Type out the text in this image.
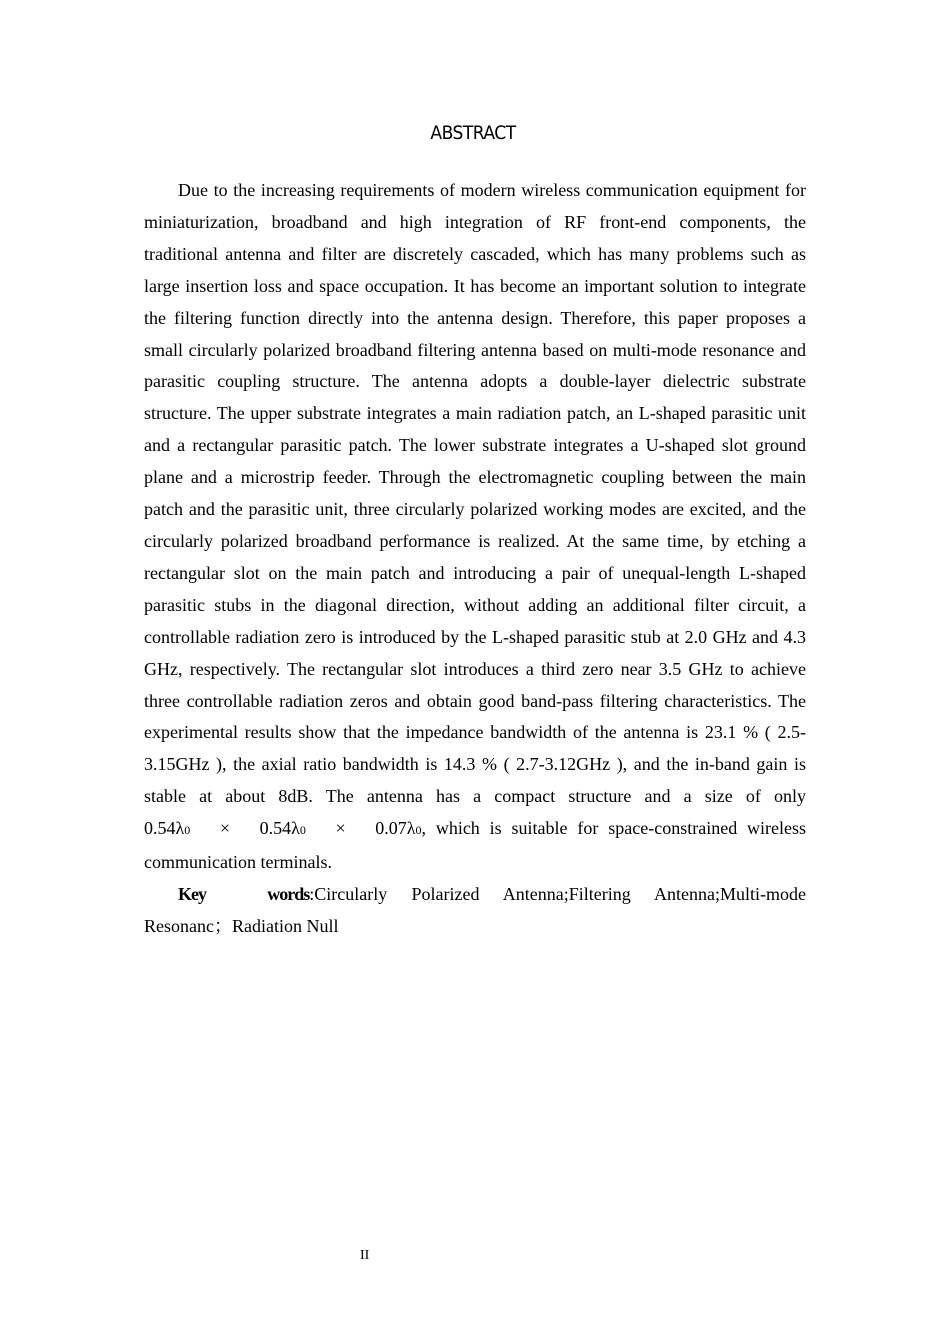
ABSTRACT

Due to the increasing requirements of modern wireless communication equipment for miniaturization, broadband and high integration of RF front-end components, the traditional antenna and filter are discretely cascaded, which has many problems such as large insertion loss and space occupation. It has become an important solution to integrate the filtering function directly into the antenna design. Therefore, this paper proposes a small circularly polarized broadband filtering antenna based on multi-mode resonance and parasitic coupling structure. The antenna adopts a double-layer dielectric substrate structure. The upper substrate integrates a main radiation patch, an L-shaped parasitic unit and a rectangular parasitic patch. The lower substrate integrates a U-shaped slot ground plane and a microstrip feeder. Through the electromagnetic coupling between the main patch and the parasitic unit, three circularly polarized working modes are excited, and the circularly polarized broadband performance is realized. At the same time, by etching a rectangular slot on the main patch and introducing a pair of unequal-length L-shaped parasitic stubs in the diagonal direction, without adding an additional filter circuit, a controllable radiation zero is introduced by the L-shaped parasitic stub at 2.0 GHz and 4.3 GHz, respectively. The rectangular slot introduces a third zero near 3.5 GHz to achieve three controllable radiation zeros and obtain good band-pass filtering characteristics. The experimental results show that the impedance bandwidth of the antenna is 23.1 % ( 2.5-3.15GHz ), the axial ratio bandwidth is 14.3 % ( 2.7-3.12GHz ), and the in-band gain is stable at about 8dB. The antenna has a compact structure and a size of only 0.54λ0 × 0.54λ0 × 0.07λ0, which is suitable for space-constrained wireless communication terminals.

Key words:Circularly Polarized Antenna;Filtering Antenna;Multi-mode Resonanc；Radiation Null

II
